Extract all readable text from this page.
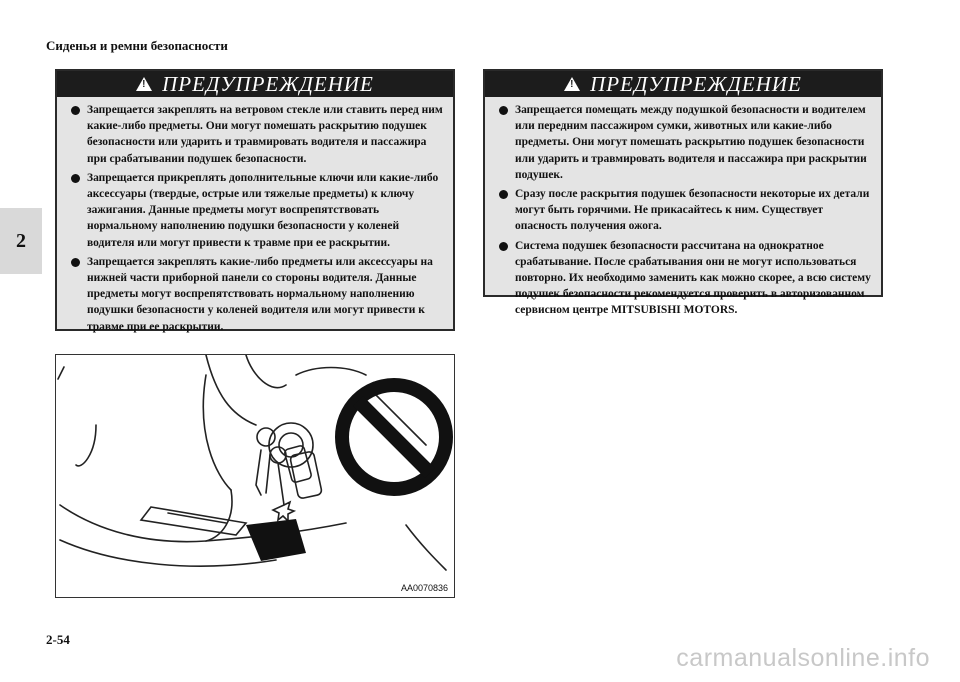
Сиденья и ремни безопасности
2
!
ПРЕДУПРЕЖДЕНИЕ
Запрещается закреплять на ветровом стекле или ставить перед ним какие-либо предметы. Они могут помешать раскрытию подушек безопасности или ударить и травмировать водителя и пассажира при срабатывании подушек безопасности.
Запрещается прикреплять дополнительные ключи или какие-либо аксессуары (твердые, острые или тяжелые предметы) к ключу зажигания. Данные предметы могут воспрепятствовать нормальному наполнению подушки безопасности у коленей водителя или могут привести к травме при ее раскрытии.
Запрещается закреплять какие-либо предметы или аксессуары на нижней части приборной панели со стороны водителя. Данные предметы могут воспрепятствовать нормальному наполнению подушки безопасности у коленей водителя или могут привести к травме при ее раскрытии.
!
ПРЕДУПРЕЖДЕНИЕ
Запрещается помещать между подушкой безопасности и водителем или передним пассажиром сумки, животных или какие-либо предметы. Они могут помешать раскрытию подушек безопасности или ударить и травмировать водителя и пассажира при раскрытии подушек.
Сразу после раскрытия подушек безопасности некоторые их детали могут быть горячими. Не прикасайтесь к ним. Существует опасность получения ожога.
Система подушек безопасности рассчитана на однократное срабатывание. После срабатывания они не могут использоваться повторно. Их необходимо заменить как можно скорее, а всю систему подушек безопасности рекомендуется проверить в авторизованном сервисном центре MITSUBISHI MOTORS.
AA0070836
2-54
carmanualsonline.info
